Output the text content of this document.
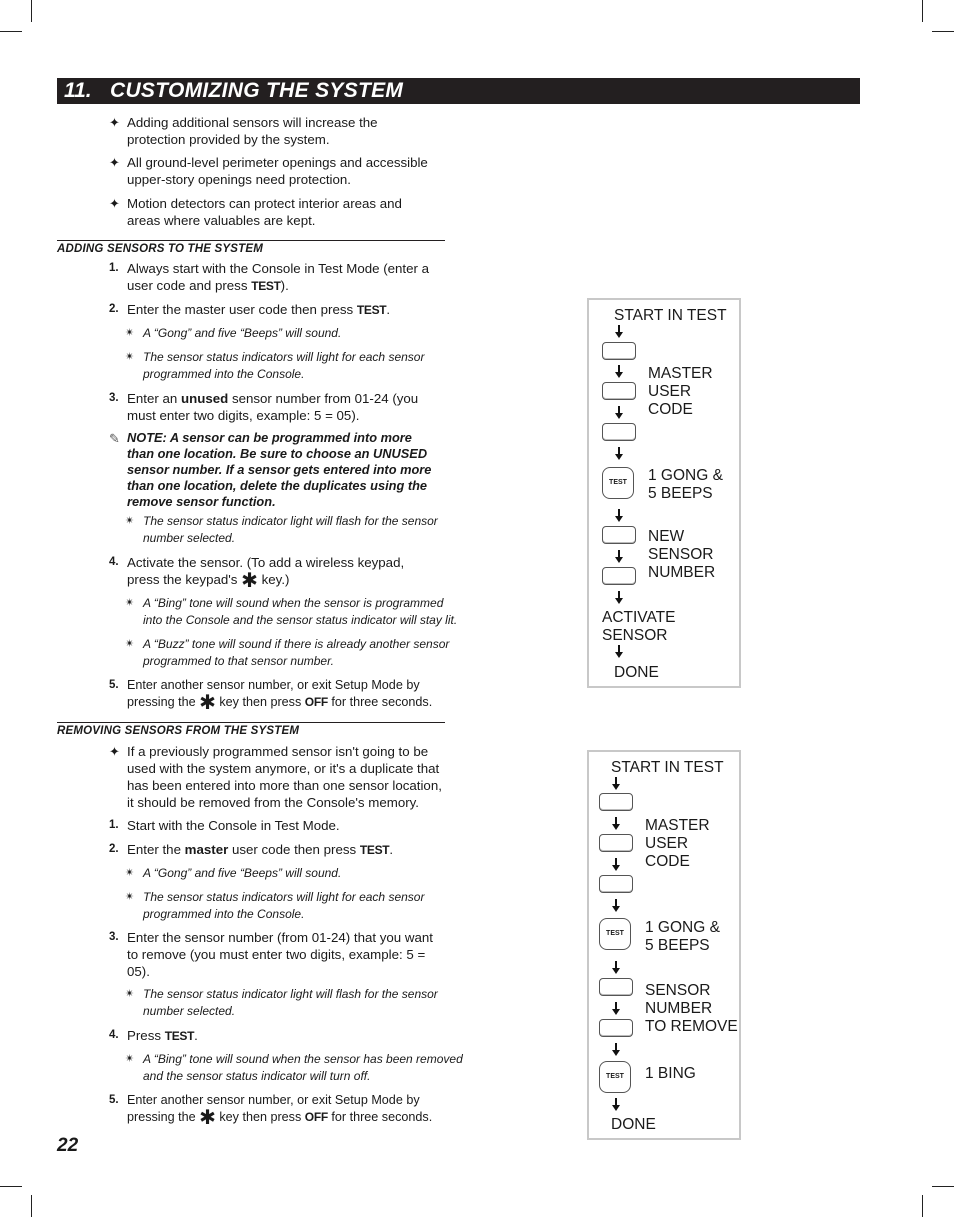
11. CUSTOMIZING THE SYSTEM
✦ Adding additional sensors will increase the
protection provided by the system.
✦ All ground-level perimeter openings and accessible
upper-story openings need protection.
✦ Motion detectors can protect interior areas and
areas where valuables are kept.
ADDING SENSORS TO THE SYSTEM
1. Always start with the Console in Test Mode (enter a
user code and press TEST).
2. Enter the master user code then press TEST.
✴ A “Gong” and five “Beeps” will sound.
✴ The sensor status indicators will light for each sensor
programmed into the Console.
3. Enter an unused sensor number from 01-24 (you
must enter two digits, example: 5 = 05).
✎ NOTE: A sensor can be programmed into more
than one location. Be sure to choose an UNUSED
sensor number. If a sensor gets entered into more
than one location, delete the duplicates using the
remove sensor function.
✴ The sensor status indicator light will flash for the sensor
number selected.
4. Activate the sensor. (To add a wireless keypad,
press the keypad's ✱ key.)
✴ A “Bing” tone will sound when the sensor is programmed
into the Console and the sensor status indicator will stay lit.
✴ A “Buzz” tone will sound if there is already another sensor
programmed to that sensor number.
5. Enter another sensor number, or exit Setup Mode by
pressing the ✱ key then press OFF for three seconds.
REMOVING SENSORS FROM THE SYSTEM
✦ If a previously programmed sensor isn't going to be
used with the system anymore, or it's a duplicate that
has been entered into more than one sensor location,
it should be removed from the Console's memory.
1. Start with the Console in Test Mode.
2. Enter the master user code then press TEST.
✴ A “Gong” and five “Beeps” will sound.
✴ The sensor status indicators will light for each sensor
programmed into the Console.
3. Enter the sensor number (from 01-24) that you want
to remove (you must enter two digits, example: 5 =
05).
✴ The sensor status indicator light will flash for the sensor
number selected.
4. Press TEST.
✴ A “Bing” tone will sound when the sensor has been removed
and the sensor status indicator will turn off.
5. Enter another sensor number, or exit Setup Mode by
pressing the ✱ key then press OFF for three seconds.
22
START IN TEST
MASTER
USER
CODE
TEST	1 GONG &
5 BEEPS
NEW
SENSOR
NUMBER
ACTIVATE
SENSOR
DONE
START IN TEST
MASTER
USER
CODE
TEST	1 GONG &
5 BEEPS
SENSOR
NUMBER
TO REMOVE
TEST	1 BING
DONE
